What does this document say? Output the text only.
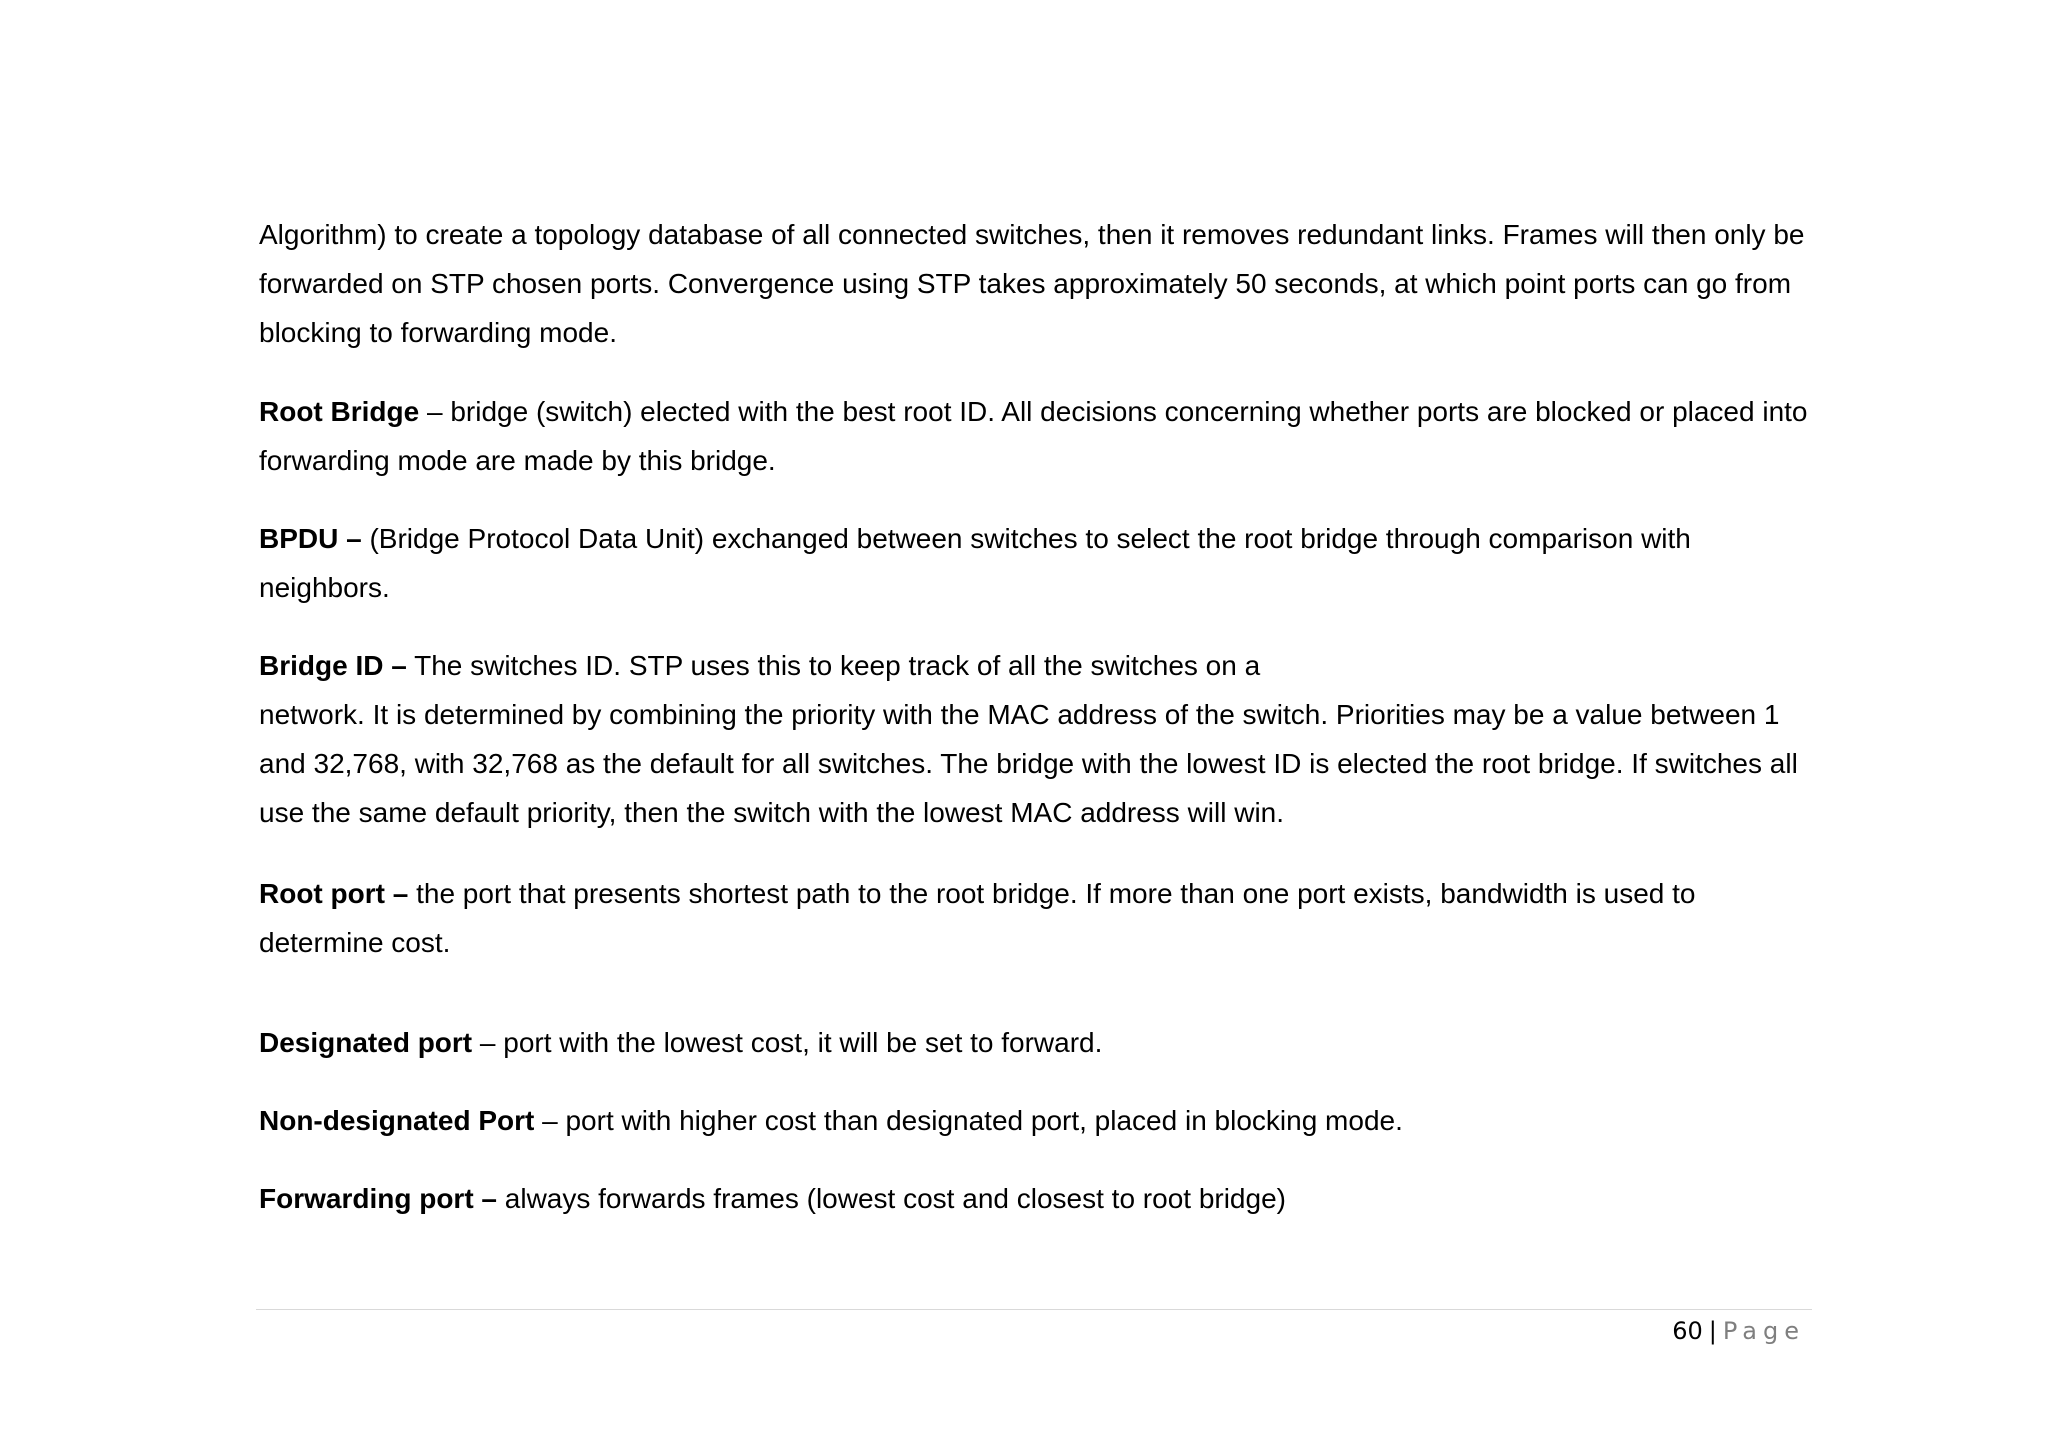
Algorithm) to create a topology database of all connected switches, then it removes redundant links. Frames will then only be forwarded on STP chosen ports. Convergence using STP takes approximately 50 seconds, at which point ports can go from blocking to forwarding mode.

Root Bridge – bridge (switch) elected with the best root ID. All decisions concerning whether ports are blocked or placed into forwarding mode are made by this bridge.

BPDU – (Bridge Protocol Data Unit) exchanged between switches to select the root bridge through comparison with neighbors.

Bridge ID – The switches ID. STP uses this to keep track of all the switches on a
network. It is determined by combining the priority with the MAC address of the switch. Priorities may be a value between 1 and 32,768, with 32,768 as the default for all switches. The bridge with the lowest ID is elected the root bridge. If switches all use the same default priority, then the switch with the lowest MAC address will win.

Root port – the port that presents shortest path to the root bridge. If more than one port exists, bandwidth is used to determine cost.

Designated port – port with the lowest cost, it will be set to forward.

Non-designated Port – port with higher cost than designated port, placed in blocking mode.

Forwarding port – always forwards frames (lowest cost and closest to root bridge)

60 | Page
